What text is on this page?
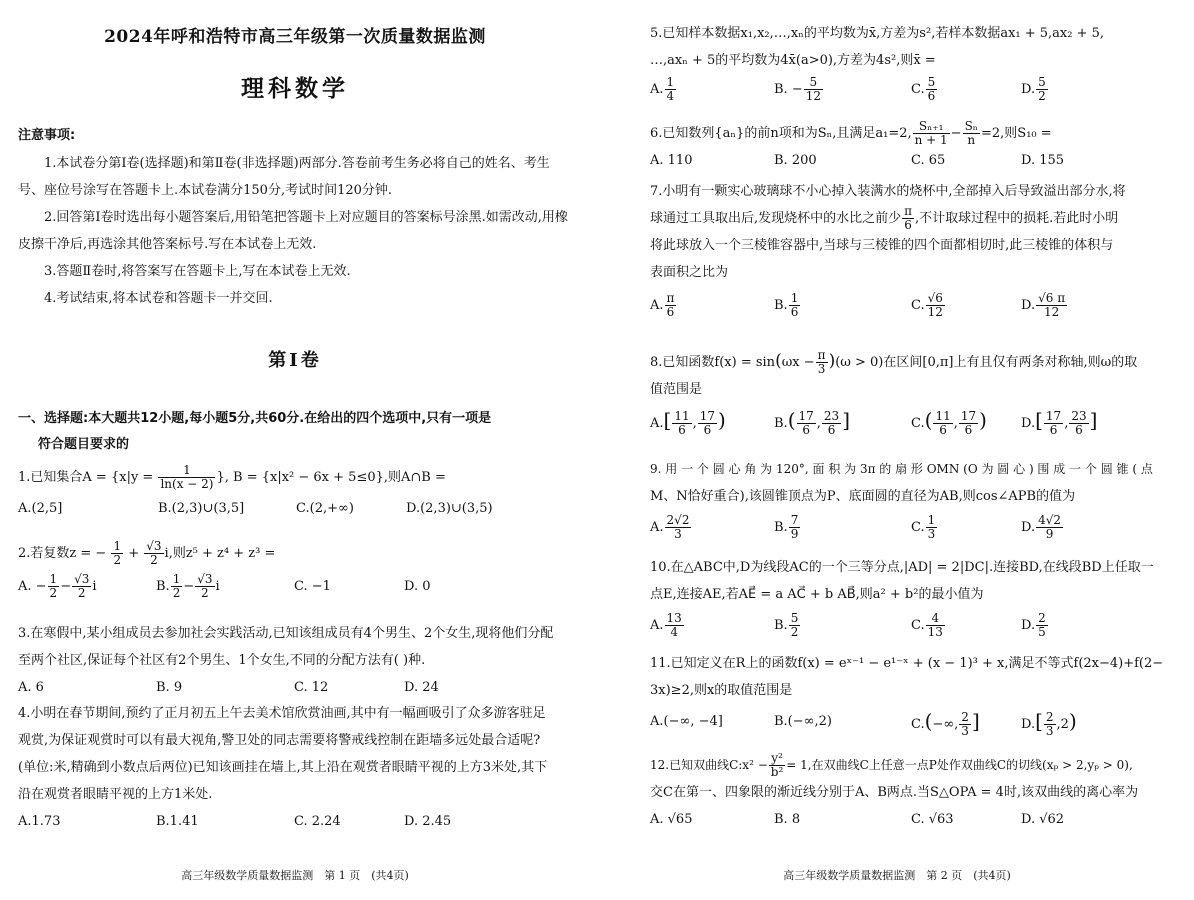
2024年呼和浩特市高三年级第一次质量数据监测
理科数学
注意事项:

1.本试卷分第Ⅰ卷(选择题)和第Ⅱ卷(非选择题)两部分.答卷前考生务必将自己的姓名、考生号、座位号涂写在答题卡上.本试卷满分150分,考试时间120分钟.

2.回答第Ⅰ卷时选出每小题答案后,用铅笔把答题卡上对应题目的答案标号涂黑.如需改动,用橡皮擦干净后,再选涂其他答案标号.写在本试卷上无效.

3.答题Ⅱ卷时,将答案写在答题卡上,写在本试卷上无效.

4.考试结束,将本试卷和答题卡一并交回.

第Ⅰ卷
一、选择题:本大题共12小题,每小题5分,共60分.在给出的四个选项中,只有一项是
符合题目要求的
1.已知集合$A = \{x|y = \frac{1}{\ln(x - 2)}$ }, B = {x|x² − 6x + 5≤0},则A∩B =
A.(2,5]	B.(2,3)∪(3,5]	C.(2,+∞)	D.(2,3)∪(3,5)
2.若复数z = − $\frac{1}{2} + \frac{√3}{2} i$,则z⁵ + z⁴ + z³ =
A. − $\frac{1}{2} - \frac{√3}{2}$ i	B. $\frac{1}{2} - \frac{√3}{2}$ i	C. −1	D. 0
3.在寒假中,某小组成员去参加社会实践活动,已知该组成员有4个男生、2个女生,现将他们分配至两个社区,保证每个社区有2个男生、1个女生,不同的分配方法有( )种.
A. 6	B. 9	C. 12	D. 24
4.小明在春节期间,预约了正月初五上午去美术馆欣赏油画,其中有一幅画吸引了众多游客驻足观赏,为保证观赏时可以有最大视角,警卫处的同志需要将警戒线控制在距墙多远处最合适呢?(单位:米,精确到小数点后两位)已知该画挂在墙上,其上沿在观赏者眼睛平视的上方3米处,其下沿在观赏者眼睛平视的上方1米处.
A.1.73	B.1.41	C. 2.24	D. 2.45
高三年级数学质量数据监测　第 1 页　(共4页)
5.已知样本数据x₁,x₂,…,xₙ的平均数为x̄,方差为s²,若样本数据ax₁ + 5,ax₂ + 5,
…,axₙ + 5的平均数为4x̄(a>0),方差为4s²,则x̄ =
A. $\frac{1}{4}$	B. − $\frac{5}{12}$	C. $\frac{5}{6}$	D. $\frac{5}{2}$
6.已知数列{aₙ}的前n项和为Sₙ,且满足a₁=2, $\frac{\text{Sₙ₊₁}}{n + 1} - \frac{\text{Sₙ}}{n} =2$,则S₁₀ =
A. 110	B. 200	C. 65	D. 155
7.小明有一颗实心玻璃球不小心掉入装满水的烧杯中,全部掉入后导致溢出部分水,将
球通过工具取出后,发现烧杯中的水比之前少 $\frac{\pi}{6}$ ,不计取球过程中的损耗.若此时小明
将此球放入一个三棱锥容器中,当球与三棱锥的四个面都相切时,此三棱锥的体积与
表面积之比为
A. $\frac{\pi}{6}$	B. $\frac{1}{6}$	C. $\frac{√6}{12}$	D. $\frac{√6 \pi}{12}$
8.已知函数$f(x) = \sin(\omega x - \frac{\pi}{3} )(\omega > 0)$在区间[0,π]上有且仅有两条对称轴,则ω的取
值范围是
$A.[ \frac{11}{6}$ , $\frac{17}{6}$ )	$B.( \frac{17}{6}$ , $\frac{23}{6}$ ]	$C.( \frac{11}{6}$ , $\frac{17}{6}$ )	$D.[ \frac{17}{6}$ , $\frac{23}{6}$ ]
9. 用 一 个 圆 心 角 为 120°, 面 积 为 3π 的 扇 形 OMN (O 为 圆 心 ) 围 成 一 个 圆 锥 ( 点
M、N恰好重合),该圆锥顶点为P、底面圆的直径为AB,则cos∠APB的值为
A. $\frac{2√2}{3}$	B. $\frac{7}{9}$	C. $\frac{1}{3}$	D. $\frac{4√2}{9}$
10.在△ABC中,D为线段AC的一个三等分点,|AD| = 2|DC|.连接BD,在线段BD上任取一
点E,连接AE,若AE⃗ = a AC⃗ + b AB⃗,则a² + b²的最小值为
A. $\frac{13}{4}$	B. $\frac{5}{2}$	C. $\frac{4}{13}$	D. $\frac{2}{5}$
11.已知定义在R上的函数f(x) = eˣ⁻¹ − e¹⁻ˣ + (x − 1)³ + x,满足不等式f(2x−4)+f(2−
3x)≥2,则x的取值范围是
A.(−∞, −4]	B.(−∞,2)	C.(−∞, $\frac{2}{3}$ ]	$D.[ \frac{2}{3} ,2)$
12.已知双曲线C:x² − $\frac{\text{y²}}{\text{b²}} = 1$,在双曲线C上任意一点P处作双曲线C的切线(xₚ > 2,yₚ > 0),
交C在第一、四象限的渐近线分别于A、B两点.当S△OPA = 4时,该双曲线的离心率为
A. √65	B. 8	C. √63	D. √62
高三年级数学质量数据监测　第 2 页　(共4页)
